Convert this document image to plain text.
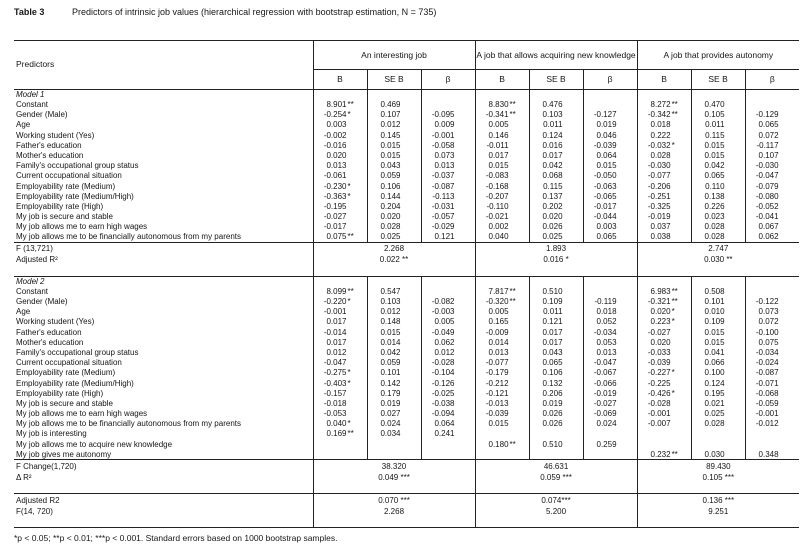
Table 3	Predictors of intrinsic job values (hierarchical regression with bootstrap estimation, N = 735)
Predictors	An interesting job			A job that allows acquiring new knowledge			A job that provides autonomy		
	B	SE B	β	B	SE B	β	B	SE B	β
Model 1									
Constant	8.901 **	0.469		8.830 **	0.476		8.272 **	0.470	

Gender (Male)	-0.254 *	0.107	-0.095	-0.341 **	0.103	-0.127	-0.342 **	0.105	-0.129

Age	0.003	0.012	0.009	0.005	0.011	0.019	0.018	0.011	0.065

Working student (Yes)	-0.002	0.145	-0.001	0.146	0.124	0.046	0.222	0.115	0.072

Father's education	-0.016	0.015	-0.058	-0.011	0.016	-0.039	-0.032 *	0.015	-0.117

Mother's education	0.020	0.015	0.073	0.017	0.017	0.064	0.028	0.015	0.107

Family's occupational group status	0.013	0.043	0.013	0.015	0.042	0.015	-0.030	0.042	-0.030

Current occupational situation	-0.061	0.059	-0.037	-0.083	0.068	-0.050	-0.077	0.065	-0.047

Employability rate (Medium)	-0.230 *	0.106	-0.087	-0.168	0.115	-0.063	-0.206	0.110	-0.079

Employability rate (Medium/High)	-0.363 *	0.144	-0.113	-0.207	0.137	-0.065	-0.251	0.138	-0.080

Employability rate (High)	-0.195	0.204	-0.031	-0.110	0.202	-0.017	-0.325	0.226	-0.052

My job is secure and stable	-0.027	0.020	-0.057	-0.021	0.020	-0.044	-0.019	0.023	-0.041

My job allows me to earn high wages	-0.017	0.028	-0.029	0.002	0.026	0.003	0.037	0.028	0.067

My job allows me to be financially autonomous from my parents	0.075 **	0.025	0.121	0.040	0.025	0.065	0.038	0.028	0.062

F (13,721)	2.268			1.893			2.747		
Adjusted R²	0.022 **			0.016 *			0.030 **		
Model 2									
Constant	8.099 **	0.547		7.817 **	0.510		6.983 **	0.508	

Gender (Male)	-0.220 *	0.103	-0.082	-0.320 **	0.109	-0.119	-0.321 **	0.101	-0.122

Age	-0.001	0.012	-0.003	0.005	0.011	0.018	0.020 *	0.010	0.073

Working student (Yes)	0.017	0.148	0.005	0.165	0.121	0.052	0.223 *	0.109	0.072

Father's education	-0.014	0.015	-0.049	-0.009	0.017	-0.034	-0.027	0.015	-0.100

Mother's education	0.017	0.014	0.062	0.014	0.017	0.053	0.020	0.015	0.075

Family's occupational group status	0.012	0.042	0.012	0.013	0.043	0.013	-0.033	0.041	-0.034

Current occupational situation	-0.047	0.059	-0.028	-0.077	0.065	-0.047	-0.039	0.066	-0.024

Employability rate (Medium)	-0.275 *	0.101	-0.104	-0.179	0.106	-0.067	-0.227 *	0.100	-0.087

Employability rate (Medium/High)	-0.403 *	0.142	-0.126	-0.212	0.132	-0.066	-0.225	0.124	-0.071

Employability rate (High)	-0.157	0.179	-0.025	-0.121	0.206	-0.019	-0.426 *	0.195	-0.068

My job is secure and stable	-0.018	0.019	-0.038	-0.013	0.019	-0.027	-0.028	0.021	-0.059

My job allows me to earn high wages	-0.053	0.027	-0.094	-0.039	0.026	-0.069	-0.001	0.025	-0.001

My job allows me to be financially autonomous from my parents	0.040 *	0.024	0.064	0.015	0.026	0.024	-0.007	0.028	-0.012

My job is interesting	0.169 **	0.034	0.241						

My job allows me to acquire new knowledge				0.180 **	0.510	0.259			

My job gives me autonomy							0.232 **	0.030	0.348

F Change(1,720)	38.320			46.631			89.430		
Δ R²	0.049 ***			0.059 ***			0.105 ***		
Adjusted R2	0.070 ***			0.074***			0.136 ***		
F(14, 720)	2.268			5.200			9.251		
*p < 0.05; **p < 0.01; ***p < 0.001. Standard errors based on 1000 bootstrap samples.
